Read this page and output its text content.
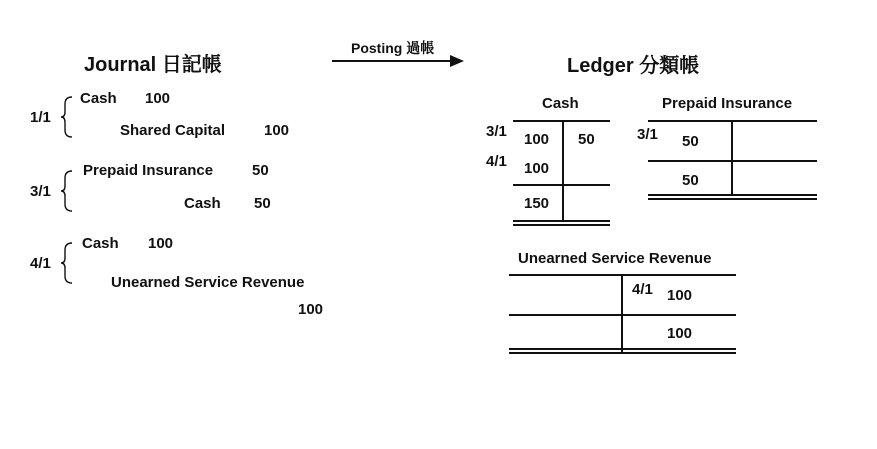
Journal 日記帳
1/1
Cash 100
Shared Capital	100
3/1
Prepaid Insurance	50
Cash 50
4/1
Cash 100
Unearned Service Revenue
100
Posting 過帳
Ledger 分類帳
Cash
3/1
4/1
100
100
50
150
Prepaid Insurance
3/1 50
50
Unearned Service Revenue
4/1 100
100
